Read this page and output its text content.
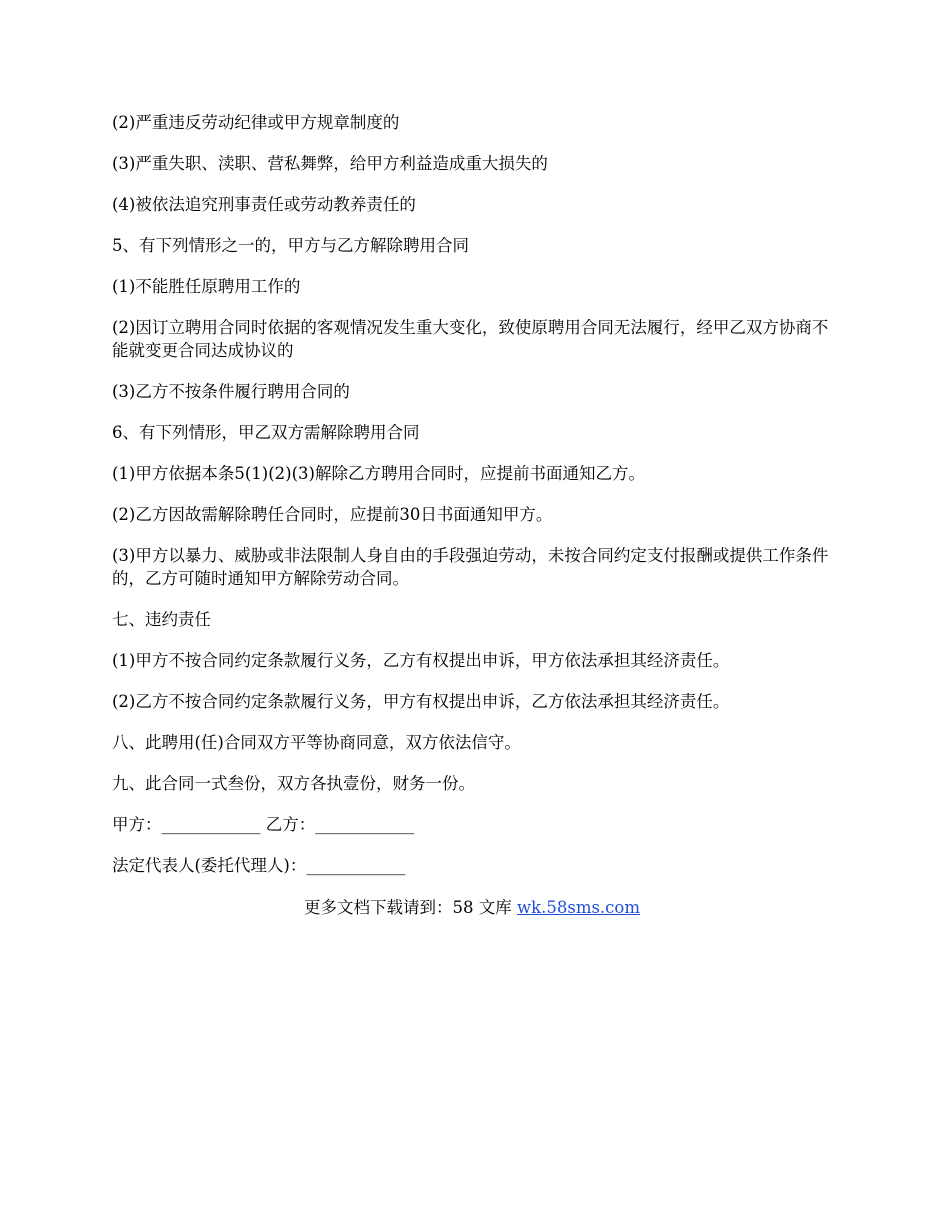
(2)严重违反劳动纪律或甲方规章制度的

(3)严重失职、渎职、营私舞弊，给甲方利益造成重大损失的

(4)被依法追究刑事责任或劳动教养责任的

5、有下列情形之一的，甲方与乙方解除聘用合同

(1)不能胜任原聘用工作的

(2)因订立聘用合同时依据的客观情况发生重大变化，致使原聘用合同无法履行，经甲乙双方协商不能就变更合同达成协议的

(3)乙方不按条件履行聘用合同的

6、有下列情形，甲乙双方需解除聘用合同

(1)甲方依据本条5(1)(2)(3)解除乙方聘用合同时，应提前书面通知乙方。

(2)乙方因故需解除聘任合同时，应提前30日书面通知甲方。

(3)甲方以暴力、威胁或非法限制人身自由的手段强迫劳动，未按合同约定支付报酬或提供工作条件的，乙方可随时通知甲方解除劳动合同。

七、违约责任

(1)甲方不按合同约定条款履行义务，乙方有权提出申诉，甲方依法承担其经济责任。

(2)乙方不按合同约定条款履行义务，甲方有权提出申诉，乙方依法承担其经济责任。

八、此聘用(任)合同双方平等协商同意，双方依法信守。

九、此合同一式叁份，双方各执壹份，财务一份。

甲方：____________ 乙方：____________

法定代表人(委托代理人)：____________

更多文档下载请到：58 文库 wk.58sms.com
